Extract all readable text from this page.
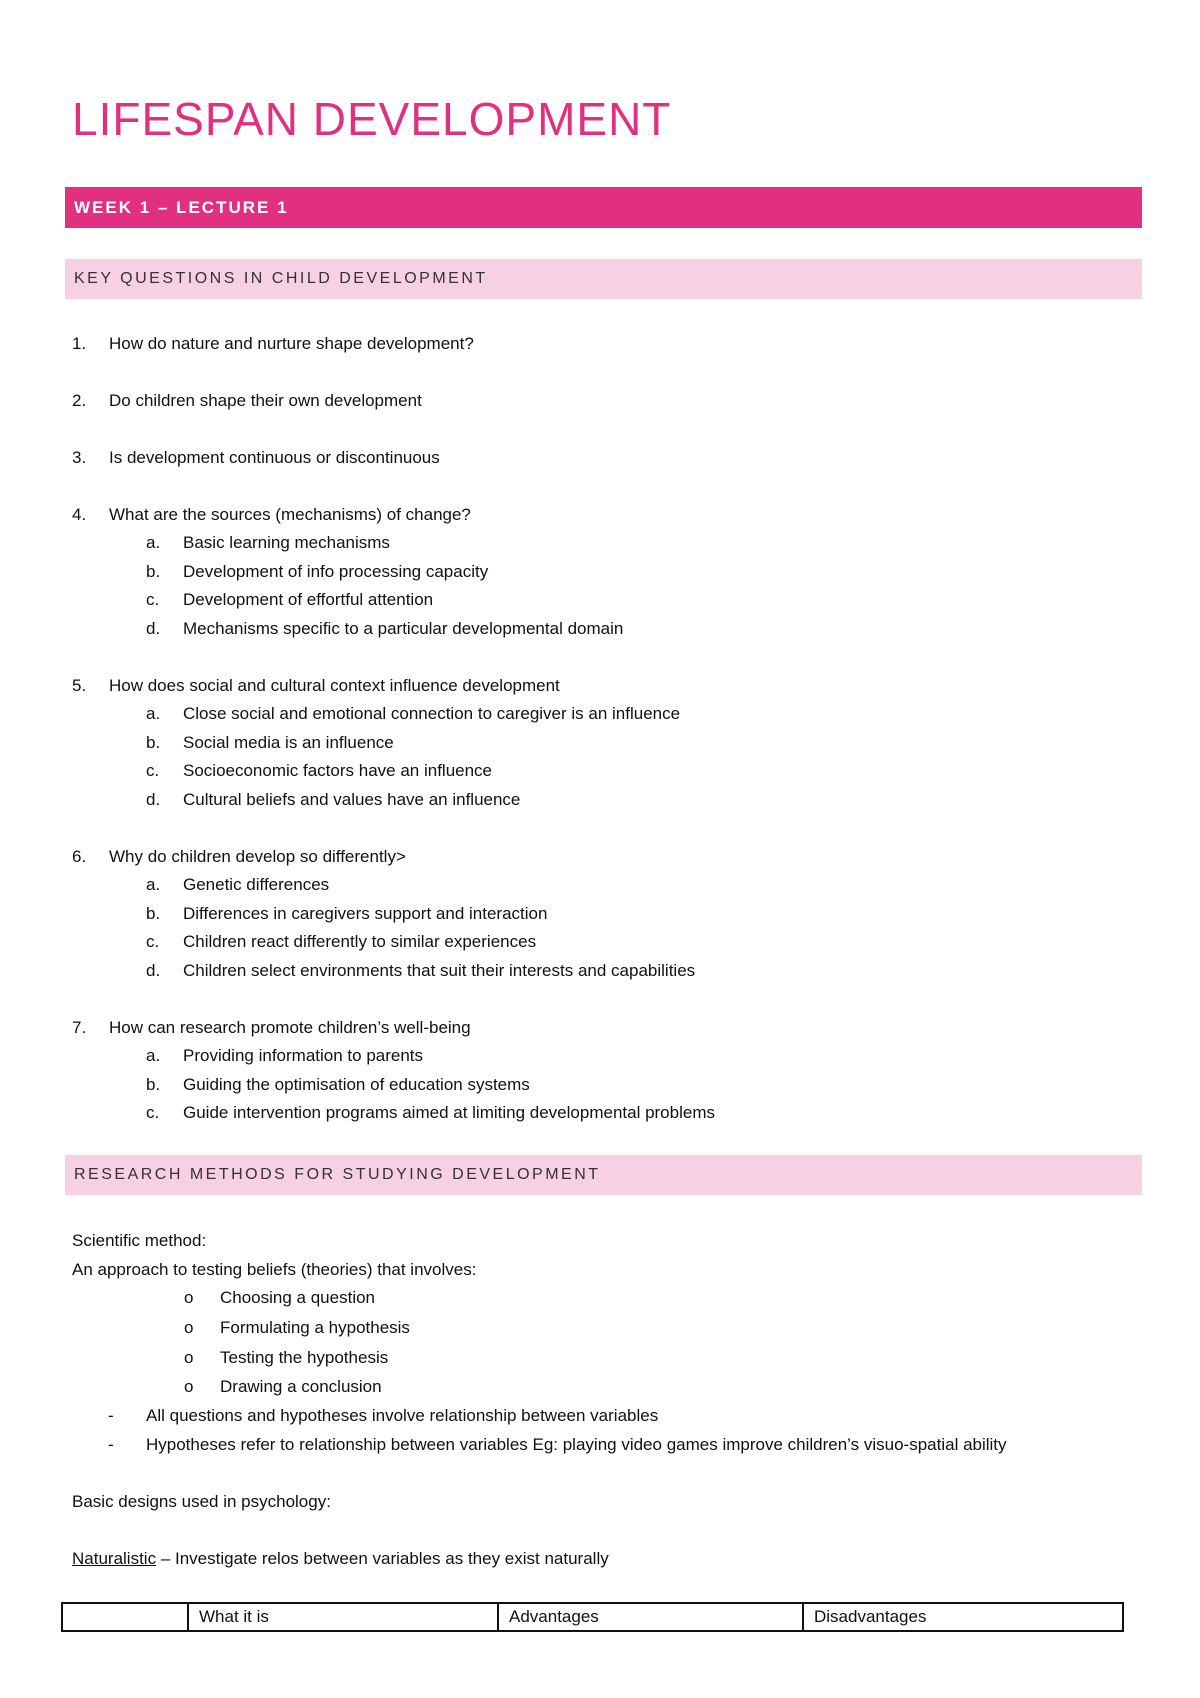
LIFESPAN DEVELOPMENT
WEEK 1 – LECTURE 1
KEY QUESTIONS IN CHILD DEVELOPMENT
1. How do nature and nurture shape development?
2. Do children shape their own development
3. Is development continuous or discontinuous
4. What are the sources (mechanisms) of change?
a. Basic learning mechanisms
b. Development of info processing capacity
c. Development of effortful attention
d. Mechanisms specific to a particular developmental domain
5. How does social and cultural context influence development
a. Close social and emotional connection to caregiver is an influence
b. Social media is an influence
c. Socioeconomic factors have an influence
d. Cultural beliefs and values have an influence
6. Why do children develop so differently>
a. Genetic differences
b. Differences in caregivers support and interaction
c. Children react differently to similar experiences
d. Children select environments that suit their interests and capabilities
7. How can research promote children’s well-being
a. Providing information to parents
b. Guiding the optimisation of education systems
c. Guide intervention programs aimed at limiting developmental problems
RESEARCH METHODS FOR STUDYING DEVELOPMENT
Scientific method:
An approach to testing beliefs (theories) that involves:
o Choosing a question
o Formulating a hypothesis
o Testing the hypothesis
o Drawing a conclusion
- All questions and hypotheses involve relationship between variables
- Hypotheses refer to relationship between variables Eg: playing video games improve children’s visuo-spatial ability
Basic designs used in psychology:
Naturalistic – Investigate relos between variables as they exist naturally
	What it is	Advantages	Disadvantages
